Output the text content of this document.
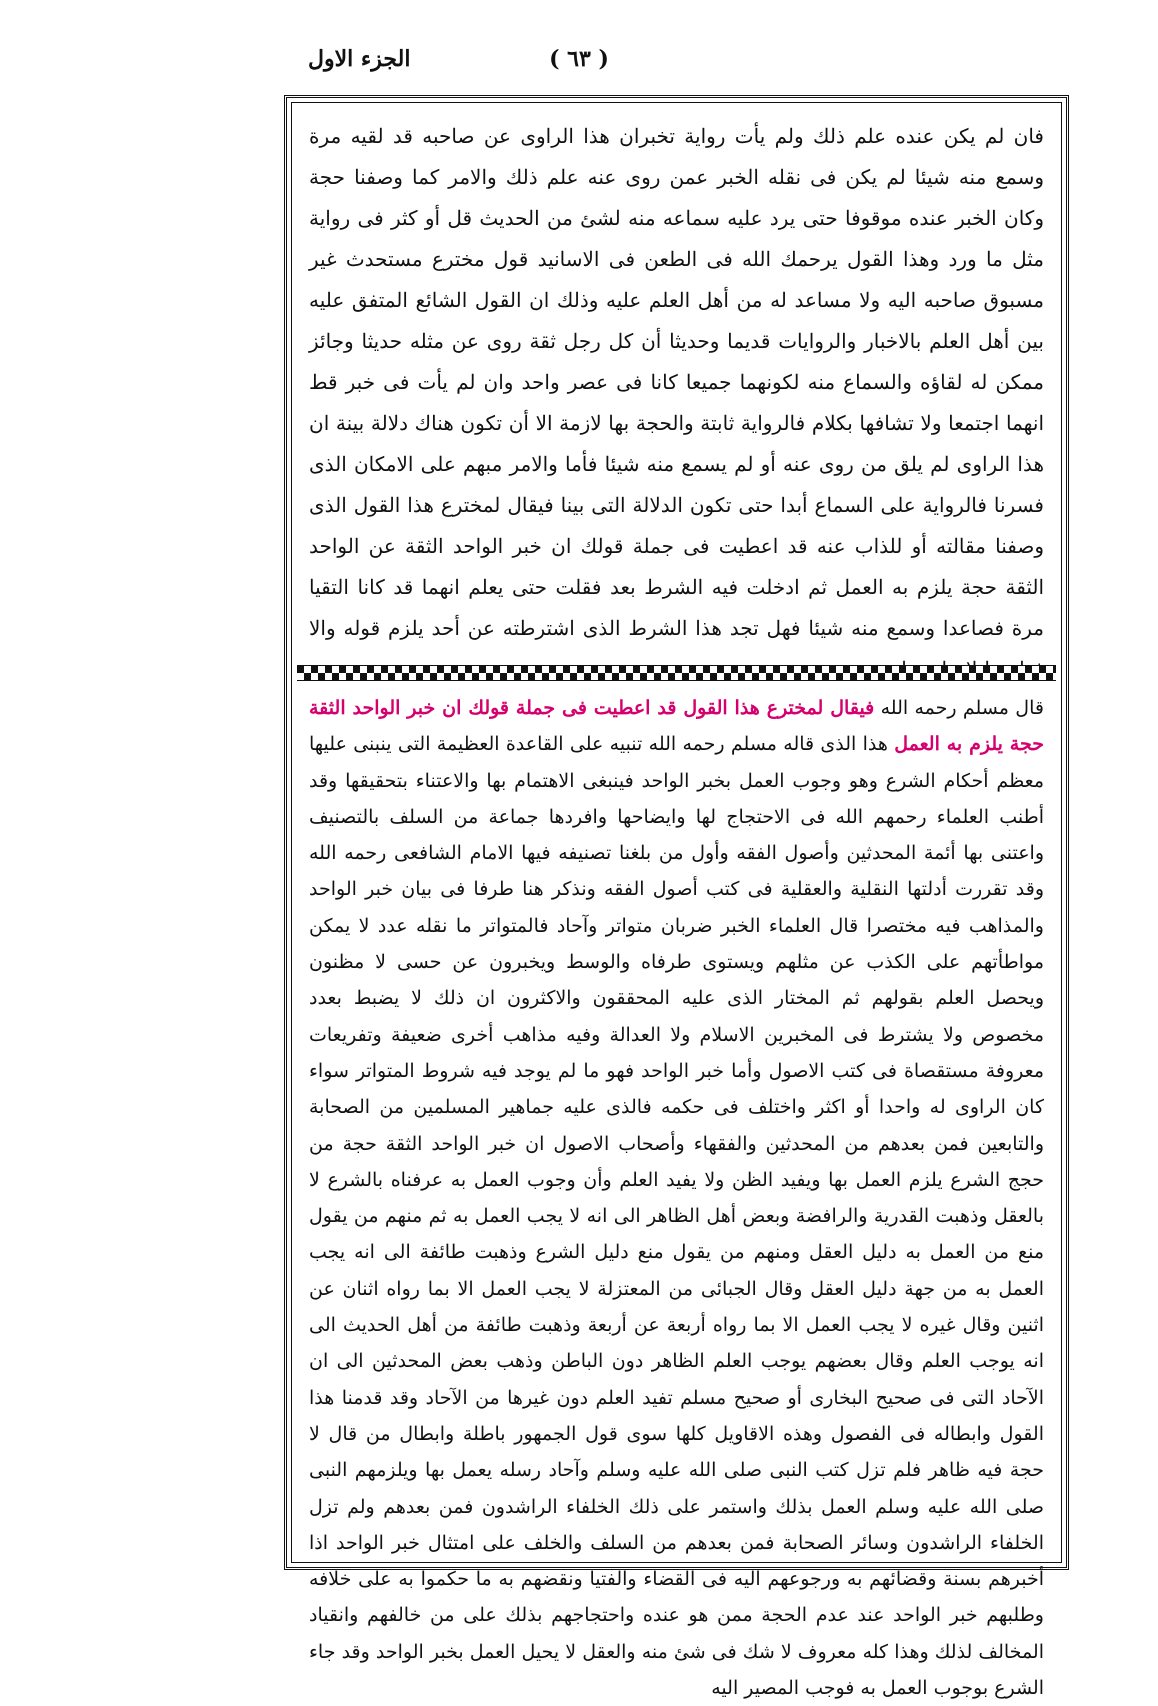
الجزء الاول	( ٦٣ )

فان لم يكن عنده علم ذلك ولم يأت رواية تخبران هذا الراوى عن صاحبه قد لقيه مرة وسمع منه شيئا لم يكن فى نقله الخبر عمن روى عنه علم ذلك والامر كما وصفنا حجة وكان الخبر عنده موقوفا حتى يرد عليه سماعه منه لشئ من الحديث قل أو كثر فى رواية مثل ما ورد وهذا القول يرحمك الله فى الطعن فى الاسانيد قول مخترع مستحدث غير مسبوق صاحبه اليه ولا مساعد له من أهل العلم عليه وذلك ان القول الشائع المتفق عليه بين أهل العلم بالاخبار والروايات قديما وحديثا أن كل رجل ثقة روى عن مثله حديثا وجائز ممكن له لقاؤه والسماع منه لكونهما جميعا كانا فى عصر واحد وان لم يأت فى خبر قط انهما اجتمعا ولا تشافها بكلام فالرواية ثابتة والحجة بها لازمة الا أن تكون هناك دلالة بينة ان هذا الراوى لم يلق من روى عنه أو لم يسمع منه شيئا فأما والامر مبهم على الامكان الذى فسرنا فالرواية على السماع أبدا حتى تكون الدلالة التى بينا فيقال لمخترع هذا القول الذى وصفنا مقالته أو للذاب عنه قد اعطيت فى جملة قولك ان خبر الواحد الثقة عن الواحد الثقة حجة يلزم به العمل ثم ادخلت فيه الشرط بعد فقلت حتى يعلم انهما قد كانا التقيا مرة فصاعدا وسمع منه شيئا فهل تجد هذا الشرط الذى اشترطته عن أحد يلزم قوله والا

قال مسلم رحمه الله فيقال لمخترع هذا القول قد اعطيت فى جملة قولك ان خبر الواحد الثقة حجة يلزم به العمل هذا الذى قاله مسلم رحمه الله تنبيه على القاعدة العظيمة التى ينبنى عليها معظم أحكام الشرع وهو وجوب العمل بخبر الواحد فينبغى الاهتمام بها والاعتناء بتحقيقها وقد أطنب العلماء رحمهم الله فى الاحتجاج لها وايضاحها وافردها جماعة من السلف بالتصنيف واعتنى بها أئمة المحدثين وأصول الفقه وأول من بلغنا تصنيفه فيها الامام الشافعى رحمه الله وقد تقررت أدلتها النقلية والعقلية فى كتب أصول الفقه ونذكر هنا طرفا فى بيان خبر الواحد والمذاهب فيه مختصرا قال العلماء الخبر ضربان متواتر وآحاد فالمتواتر ما نقله عدد لا يمكن مواطأتهم على الكذب عن مثلهم ويستوى طرفاه والوسط ويخبرون عن حسى لا مظنون ويحصل العلم بقولهم ثم المختار الذى عليه المحققون والاكثرون ان ذلك لا يضبط بعدد مخصوص ولا يشترط فى المخبرين الاسلام ولا العدالة وفيه مذاهب أخرى ضعيفة وتفريعات معروفة مستقصاة فى كتب الاصول وأما خبر الواحد فهو ما لم يوجد فيه شروط المتواتر سواء كان الراوى له واحدا أو اكثر واختلف فى حكمه فالذى عليه جماهير المسلمين من الصحابة والتابعين فمن بعدهم من المحدثين والفقهاء وأصحاب الاصول ان خبر الواحد الثقة حجة من حجج الشرع يلزم العمل بها ويفيد الظن ولا يفيد العلم وأن وجوب العمل به عرفناه بالشرع لا بالعقل وذهبت القدرية والرافضة وبعض أهل الظاهر الى انه لا يجب العمل به ثم منهم من يقول منع من العمل به دليل العقل ومنهم من يقول منع دليل الشرع وذهبت طائفة الى انه يجب العمل به من جهة دليل العقل وقال الجبائى من المعتزلة لا يجب العمل الا بما رواه اثنان عن اثنين وقال غيره لا يجب العمل الا بما رواه أربعة عن أربعة وذهبت طائفة من أهل الحديث الى انه يوجب العلم وقال بعضهم يوجب العلم الظاهر دون الباطن وذهب بعض المحدثين الى ان الآحاد التى فى صحيح البخارى أو صحيح مسلم تفيد العلم دون غيرها من الآحاد وقد قدمنا هذا القول وابطاله فى الفصول وهذه الاقاويل كلها سوى قول الجمهور باطلة وابطال من قال لا حجة فيه ظاهر فلم تزل كتب النبى صلى الله عليه وسلم وآحاد رسله يعمل بها ويلزمهم النبى صلى الله عليه وسلم العمل بذلك واستمر على ذلك الخلفاء الراشدون فمن بعدهم ولم تزل الخلفاء الراشدون وسائر الصحابة فمن بعدهم من السلف والخلف على امتثال خبر الواحد اذا أخبرهم بسنة وقضائهم به ورجوعهم اليه فى القضاء والفتيا ونقضهم به ما حكموا به على خلافه وطلبهم خبر الواحد عند عدم الحجة ممن هو عنده واحتجاجهم بذلك على من خالفهم وانقياد المخالف لذلك وهذا كله معروف لا شك فى شئ منه والعقل لا يحيل العمل بخبر الواحد وقد جاء الشرع بوجوب العمل به فوجب المصير اليه
